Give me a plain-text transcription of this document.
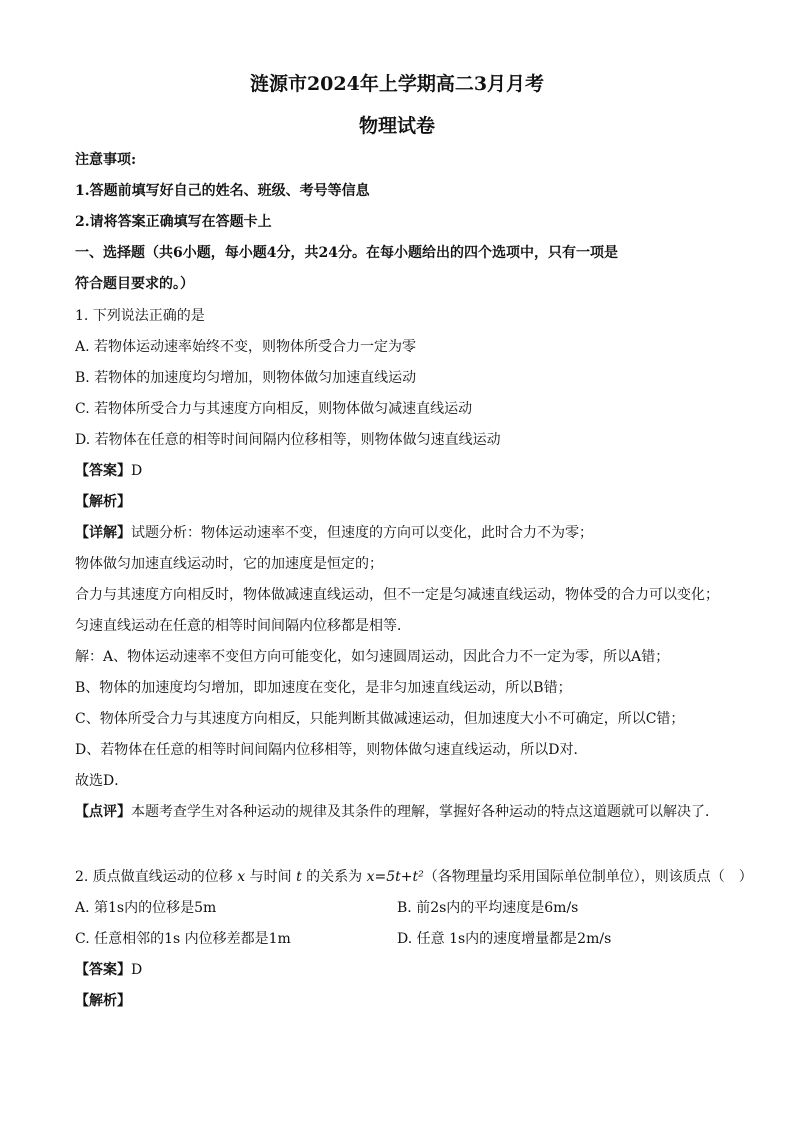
涟源市2024年上学期高二3月月考
物理试卷
注意事项:
1.答题前填写好自己的姓名、班级、考号等信息
2.请将答案正确填写在答题卡上
一、选择题（共6小题，每小题4分，共24分。在每小题给出的四个选项中，只有一项是
符合题目要求的。）
1. 下列说法正确的是
A. 若物体运动速率始终不变，则物体所受合力一定为零
B. 若物体的加速度均匀增加，则物体做匀加速直线运动
C. 若物体所受合力与其速度方向相反，则物体做匀减速直线运动
D. 若物体在任意的相等时间间隔内位移相等，则物体做匀速直线运动
【答案】D
【解析】
【详解】试题分析：物体运动速率不变，但速度的方向可以变化，此时合力不为零；
物体做匀加速直线运动时，它的加速度是恒定的；
合力与其速度方向相反时，物体做减速直线运动，但不一定是匀减速直线运动，物体受的合力可以变化；
匀速直线运动在任意的相等时间间隔内位移都是相等．
解：A、物体运动速率不变但方向可能变化，如匀速圆周运动，因此合力不一定为零，所以A错；
B、物体的加速度均匀增加，即加速度在变化，是非匀加速直线运动，所以B错；
C、物体所受合力与其速度方向相反，只能判断其做减速运动，但加速度大小不可确定，所以C错；
D、若物体在任意的相等时间间隔内位移相等，则物体做匀速直线运动，所以D对．
故选D．
【点评】本题考查学生对各种运动的规律及其条件的理解，掌握好各种运动的特点这道题就可以解决了．
2. 质点做直线运动的位移 x 与时间 t 的关系为 x=5t+t²（各物理量均采用国际单位制单位），则该质点（　）
A. 第1s内的位移是5m	B. 前2s内的平均速度是6m/s
C. 任意相邻的1s 内位移差都是1m	D. 任意 1s内的速度增量都是2m/s
【答案】D
【解析】
